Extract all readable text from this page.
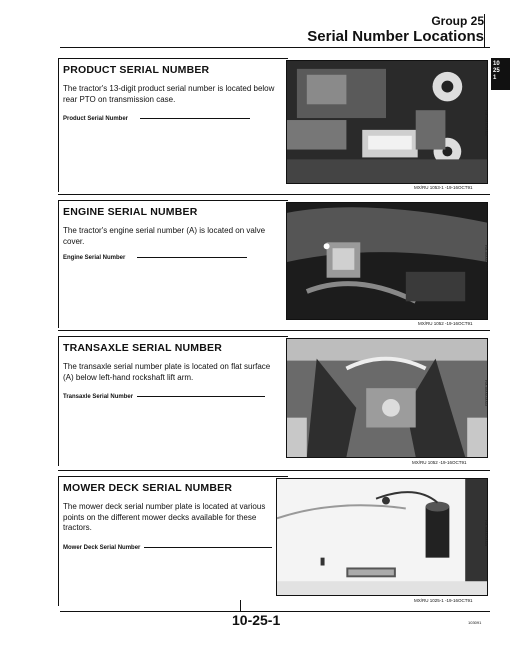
Group 25
Serial Number Locations
10
25
1
PRODUCT SERIAL NUMBER
The tractor's 13-digit product serial number is located below rear PTO on transmission case.
Product Serial Number
MX/RU 1053-1 -19-16OCT91
RX-0000-0001
ENGINE SERIAL NUMBER
The tractor's engine serial number (A) is located on valve cover.
Engine Serial Number
MX/RU 1052 -19-16OCT91
RX-0000-0002
TRANSAXLE SERIAL NUMBER
The transaxle serial number plate is located on flat surface (A) below left-hand rockshaft lift arm.
Transaxle Serial Number
MX/RU 1052 -19-16OCT91
RX-0000-0003
MOWER DECK SERIAL NUMBER
The mower deck serial number plate is located at various points on the different mower decks available for these tractors.
Mower Deck Serial Number
MX/RU 1025-1 -19-16OCT91
RX-0000-0004
10-25-1	103091
